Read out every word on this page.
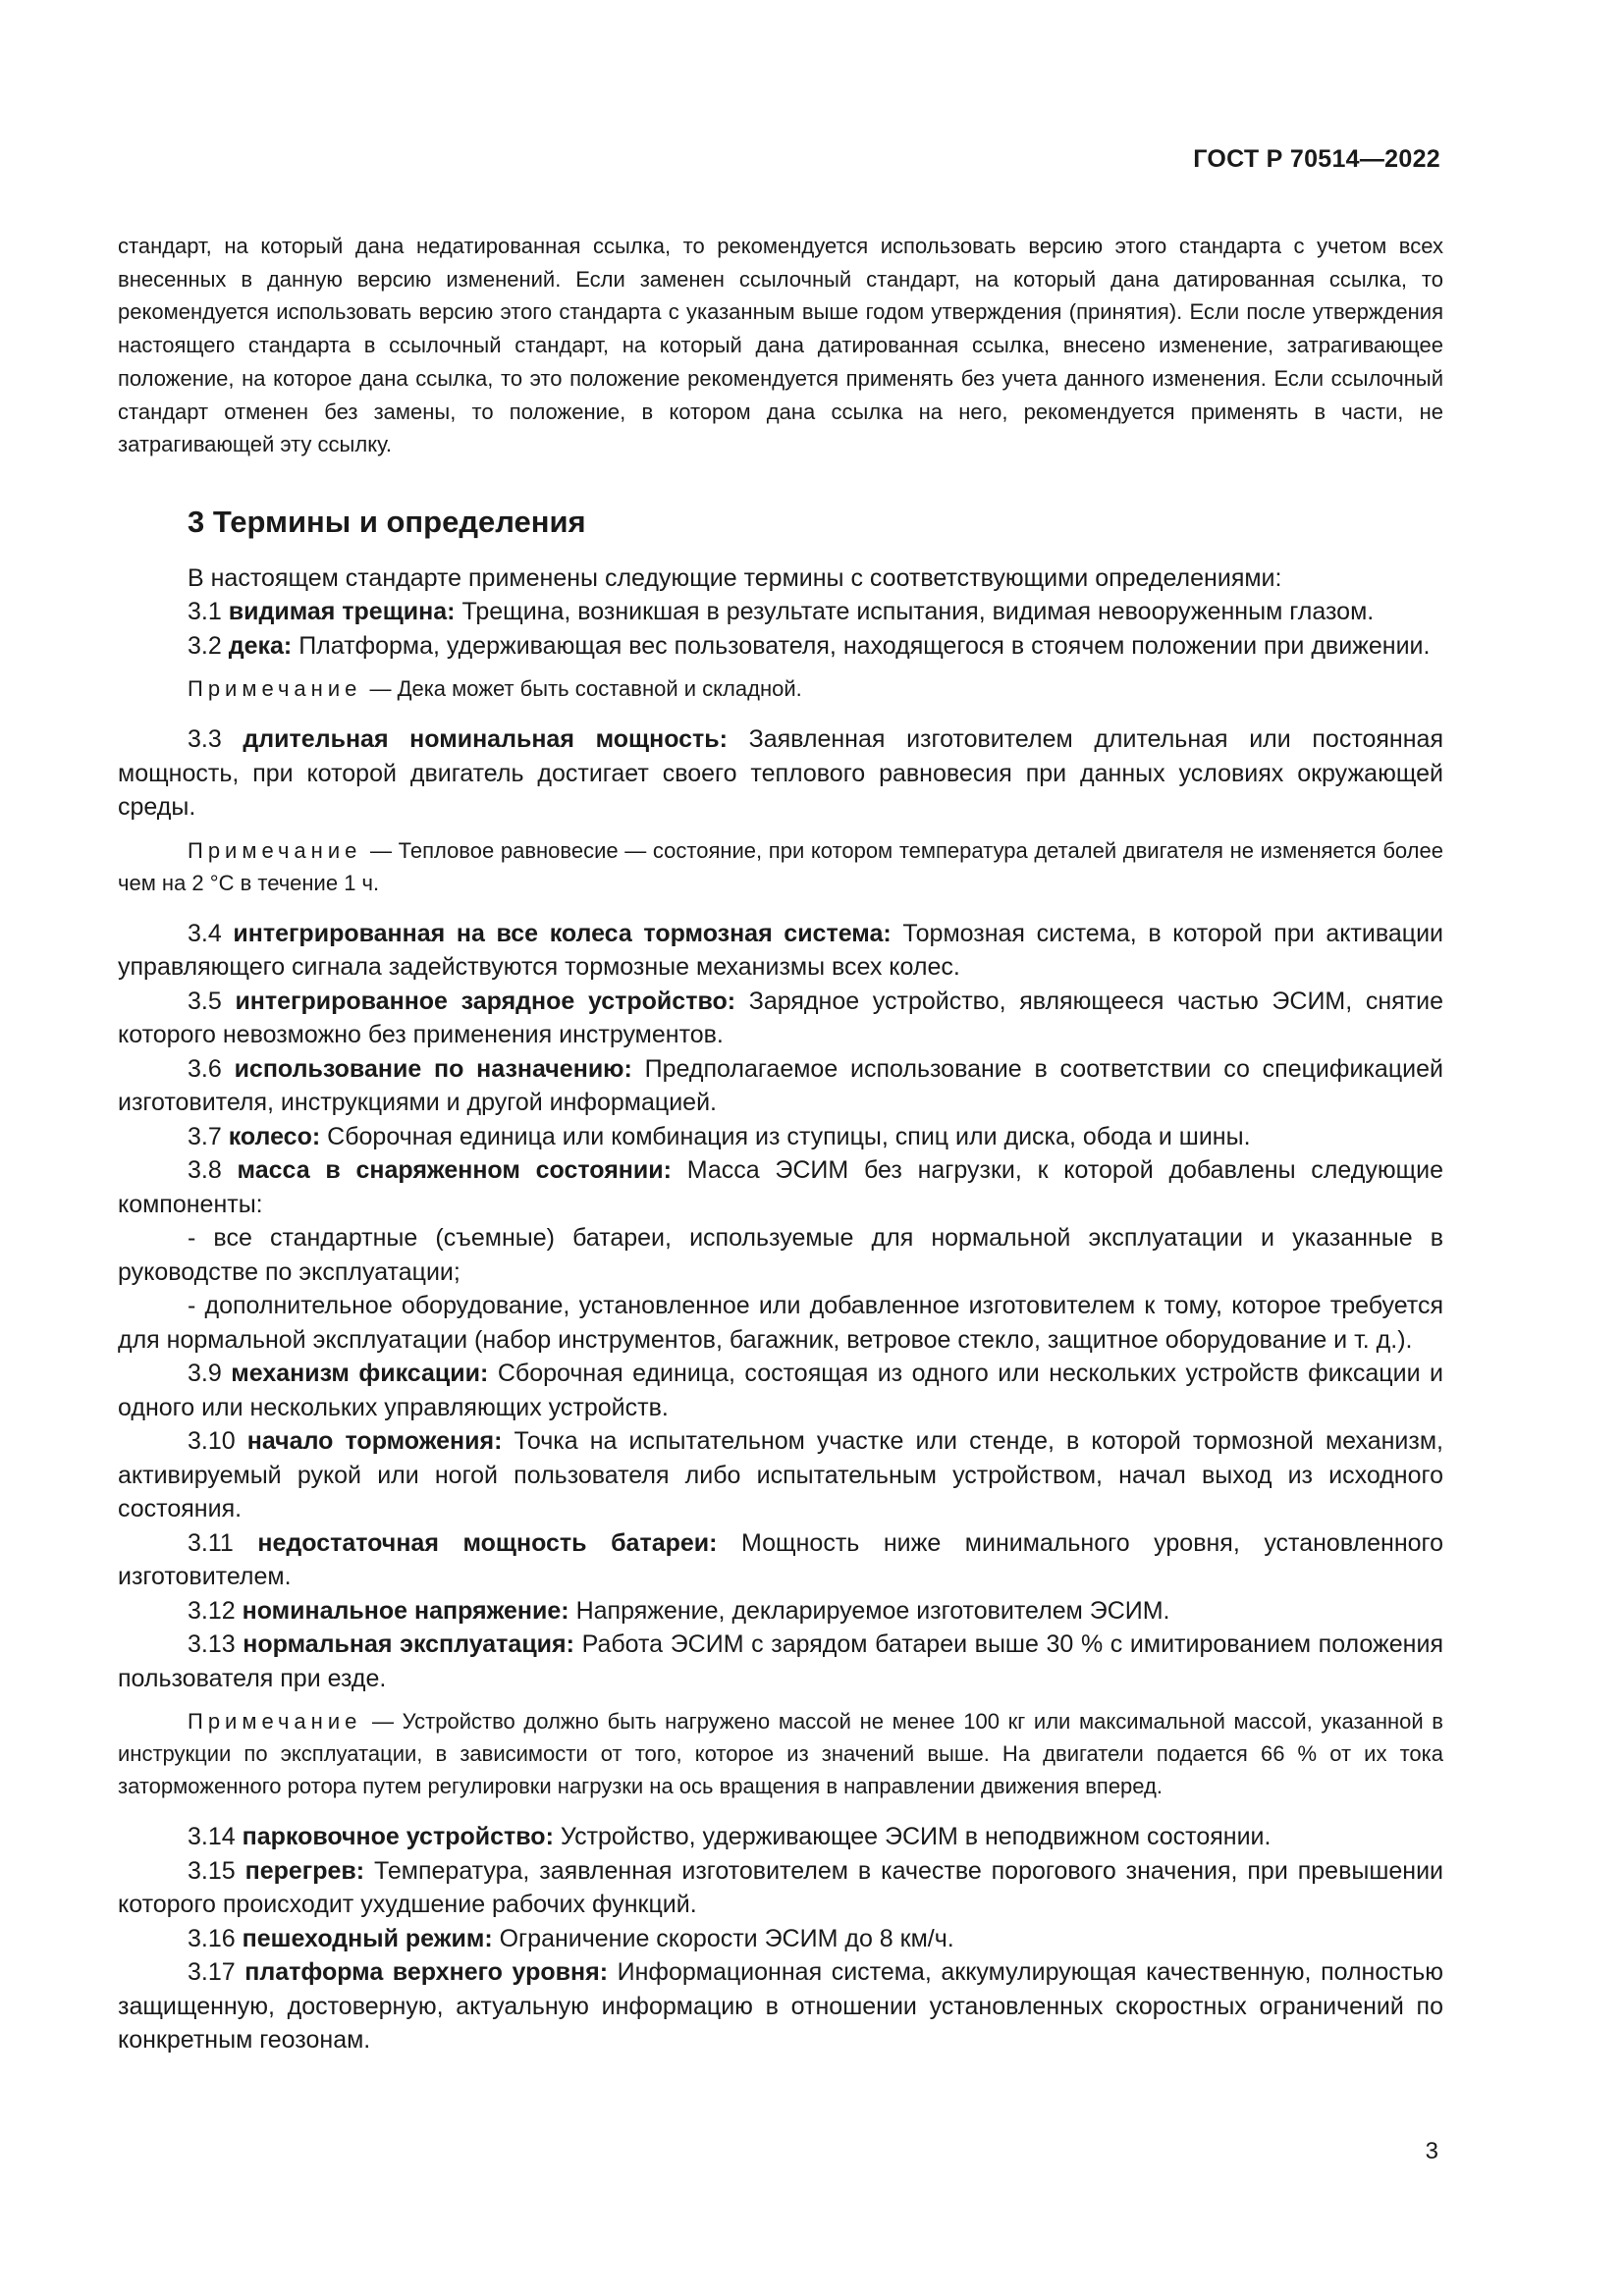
ГОСТ Р 70514—2022

стандарт, на который дана недатированная ссылка, то рекомендуется использовать версию этого стандарта с учетом всех внесенных в данную версию изменений. Если заменен ссылочный стандарт, на который дана датированная ссылка, то рекомендуется использовать версию этого стандарта с указанным выше годом утверждения (принятия). Если после утверждения настоящего стандарта в ссылочный стандарт, на который дана датированная ссылка, внесено изменение, затрагивающее положение, на которое дана ссылка, то это положение рекомендуется применять без учета данного изменения. Если ссылочный стандарт отменен без замены, то положение, в котором дана ссылка на него, рекомендуется применять в части, не затрагивающей эту ссылку.

3 Термины и определения

В настоящем стандарте применены следующие термины с соответствующими определениями:

3.1 видимая трещина: Трещина, возникшая в результате испытания, видимая невооруженным глазом.

3.2 дека: Платформа, удерживающая вес пользователя, находящегося в стоячем положении при движении.

Примечание — Дека может быть составной и складной.

3.3 длительная номинальная мощность: Заявленная изготовителем длительная или постоянная мощность, при которой двигатель достигает своего теплового равновесия при данных условиях окружающей среды.

Примечание — Тепловое равновесие — состояние, при котором температура деталей двигателя не изменяется более чем на 2 °C в течение 1 ч.

3.4 интегрированная на все колеса тормозная система: Тормозная система, в которой при активации управляющего сигнала задействуются тормозные механизмы всех колес.

3.5 интегрированное зарядное устройство: Зарядное устройство, являющееся частью ЭСИМ, снятие которого невозможно без применения инструментов.

3.6 использование по назначению: Предполагаемое использование в соответствии со спецификацией изготовителя, инструкциями и другой информацией.

3.7 колесо: Сборочная единица или комбинация из ступицы, спиц или диска, обода и шины.

3.8 масса в снаряженном состоянии: Масса ЭСИМ без нагрузки, к которой добавлены следующие компоненты:

- все стандартные (съемные) батареи, используемые для нормальной эксплуатации и указанные в руководстве по эксплуатации;

- дополнительное оборудование, установленное или добавленное изготовителем к тому, которое требуется для нормальной эксплуатации (набор инструментов, багажник, ветровое стекло, защитное оборудование и т. д.).

3.9 механизм фиксации: Сборочная единица, состоящая из одного или нескольких устройств фиксации и одного или нескольких управляющих устройств.

3.10 начало торможения: Точка на испытательном участке или стенде, в которой тормозной механизм, активируемый рукой или ногой пользователя либо испытательным устройством, начал выход из исходного состояния.

3.11 недостаточная мощность батареи: Мощность ниже минимального уровня, установленного изготовителем.

3.12 номинальное напряжение: Напряжение, декларируемое изготовителем ЭСИМ.

3.13 нормальная эксплуатация: Работа ЭСИМ с зарядом батареи выше 30 % с имитированием положения пользователя при езде.

Примечание — Устройство должно быть нагружено массой не менее 100 кг или максимальной массой, указанной в инструкции по эксплуатации, в зависимости от того, которое из значений выше. На двигатели подается 66 % от их тока заторможенного ротора путем регулировки нагрузки на ось вращения в направлении движения вперед.

3.14 парковочное устройство: Устройство, удерживающее ЭСИМ в неподвижном состоянии.

3.15 перегрев: Температура, заявленная изготовителем в качестве порогового значения, при превышении которого происходит ухудшение рабочих функций.

3.16 пешеходный режим: Ограничение скорости ЭСИМ до 8 км/ч.

3.17 платформа верхнего уровня: Информационная система, аккумулирующая качественную, полностью защищенную, достоверную, актуальную информацию в отношении установленных скоростных ограничений по конкретным геозонам.

3
